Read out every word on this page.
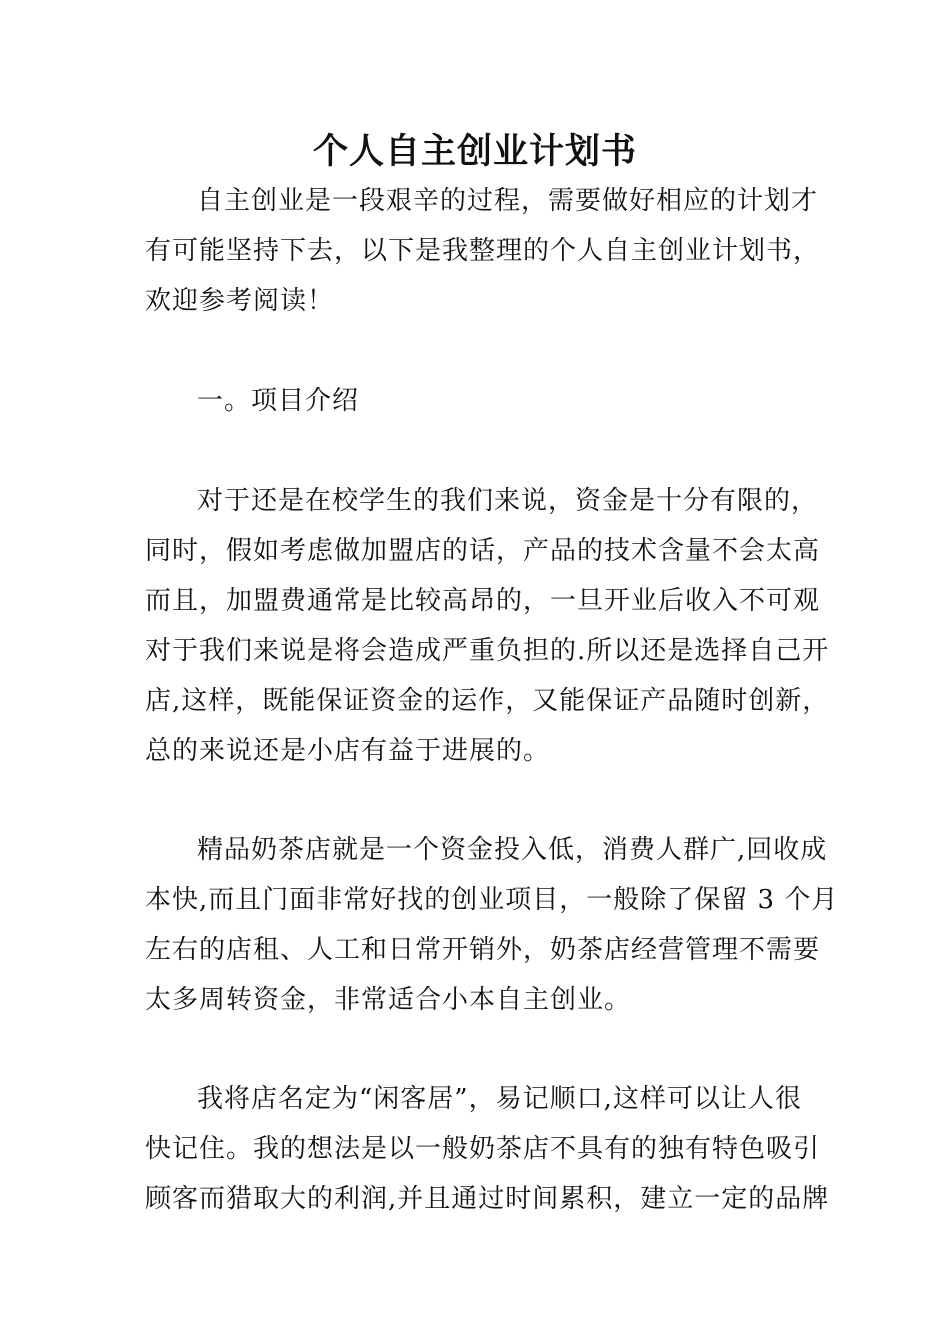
个人自主创业计划书
自主创业是一段艰辛的过程，需要做好相应的计划才
有可能坚持下去，以下是我整理的个人自主创业计划书，
欢迎参考阅读！
一。项目介绍
对于还是在校学生的我们来说，资金是十分有限的，
同时，假如考虑做加盟店的话，产品的技术含量不会太高
而且，加盟费通常是比较高昂的，一旦开业后收入不可观
对于我们来说是将会造成严重负担的.所以还是选择自己开
店,这样，既能保证资金的运作，又能保证产品随时创新，
总的来说还是小店有益于进展的。
精品奶茶店就是一个资金投入低，消费人群广,回收成
本快,而且门面非常好找的创业项目，一般除了保留 3 个月
左右的店租、人工和日常开销外，奶茶店经营管理不需要
太多周转资金，非常适合小本自主创业。
我将店名定为“闲客居”，易记顺口,这样可以让人很
快记住。我的想法是以一般奶茶店不具有的独有特色吸引
顾客而猎取大的利润,并且通过时间累积，建立一定的品牌
